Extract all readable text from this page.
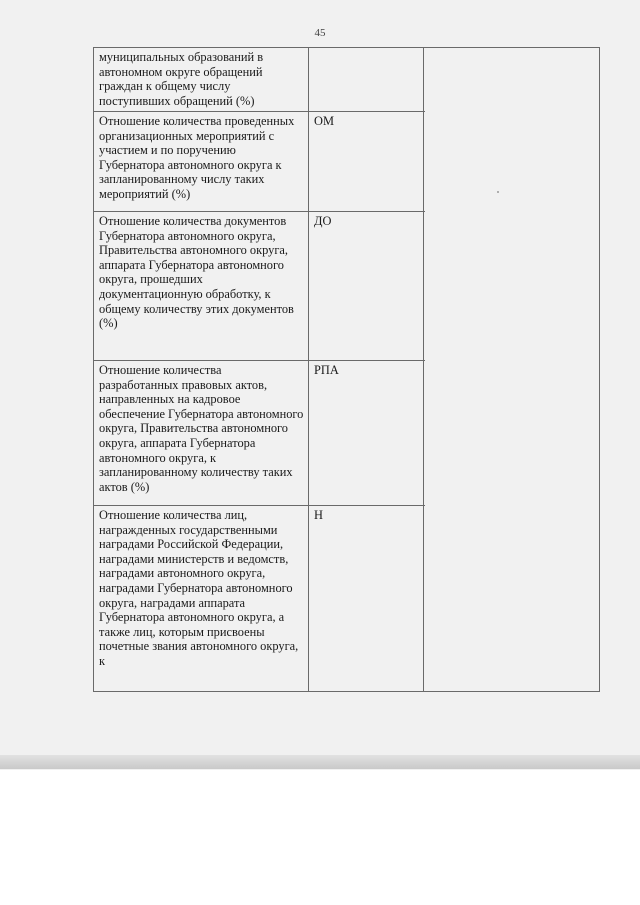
45
муниципальных образований в автономном округе обращений граждан к общему числу поступивших обращений (%)
Отношение количества проведенных организационных мероприятий с участием и по поручению Губернатора автономного округа к запланированному числу таких мероприятий (%)
ОМ
Отношение количества документов Губернатора автономного округа, Правительства автономного округа, аппарата Губернатора автономного округа, прошедших документационную обработку, к общему количеству этих документов (%)
ДО
Отношение количества разработанных правовых актов, направленных на кадровое обеспечение Губернатора автономного округа, Правительства автономного округа, аппарата Губернатора автономного округа, к запланированному количеству таких актов (%)
РПА
Отношение количества лиц, награжденных государственными наградами Российской Федерации, наградами министерств и ведомств, наградами автономного округа, наградами Губернатора автономного округа, наградами аппарата Губернатора автономного округа, а также лиц, которым присвоены почетные звания автономного округа, к
Н
